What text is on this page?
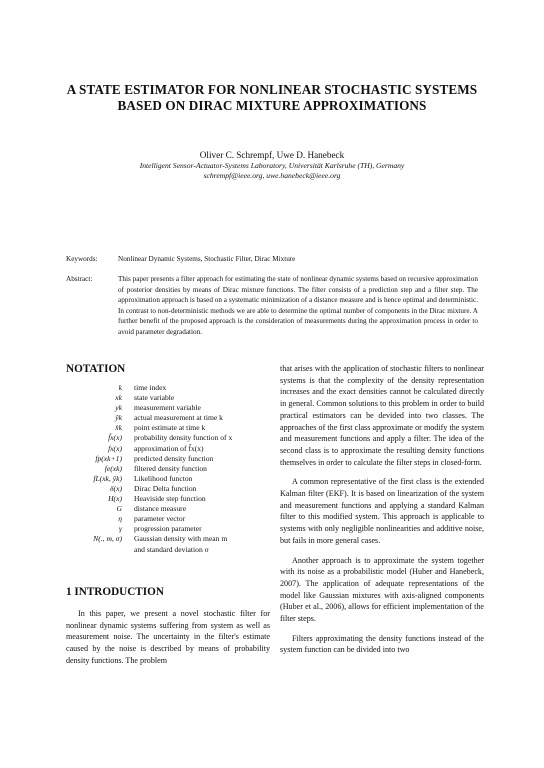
A STATE ESTIMATOR FOR NONLINEAR STOCHASTIC SYSTEMS
BASED ON DIRAC MIXTURE APPROXIMATIONS
Oliver C. Schrempf, Uwe D. Hanebeck
Intelligent Sensor-Actuator-Systems Laboratory, Universität Karlsruhe (TH), Germany
schrempf@ieee.org, uwe.hanebeck@ieee.org
Keywords:	Nonlinear Dynamic Systems, Stochastic Filter, Dirac Mixture
Abstract:	This paper presents a filter approach for estimating the state of nonlinear dynamic systems based on recursive approximation of posterior densities by means of Dirac mixture functions. The filter consists of a prediction step and a filter step. The approximation approach is based on a systematic minimization of a distance measure and is hence optimal and deterministic. In contrast to non-deterministic methods we are able to determine the optimal number of components in the Dirac mixture. A further benefit of the proposed approach is the consideration of measurements during the approximation process in order to avoid parameter degradation.
NOTATION
k	time index
xk	state variable
yk	measurement variable
ŷk	actual measurement at time k
x̂k	point estimate at time k
f̃x(x)	probability density function of x
fx(x)	approximation of f̃x(x)
fp(xk+1)	predicted density function
fe(xk)	filtered density function
fL(xk, ŷk)	Likelihood functon
δ(x)	Dirac Delta function
H(x)	Heaviside step function
G	distance measure
η	parameter vector
γ	progression parameter
N(., m, σ)	Gaussian density with mean m
and standard deviation σ
1 INTRODUCTION

In this paper, we present a novel stochastic filter for nonlinear dynamic systems suffering from system as well as measurement noise. The uncertainty in the filter's estimate caused by the noise is described by means of probability density functions. The problem

that arises with the application of stochastic filters to nonlinear systems is that the complexity of the density representation increases and the exact densities cannot be calculated directly in general. Common solutions to this problem in order to build practical estimators can be devided into two classes. The approaches of the first class approximate or modify the system and measurement functions and apply a filter. The idea of the second class is to approximate the resulting density functions themselves in order to calculate the filter steps in closed-form.

A common representative of the first class is the extended Kalman filter (EKF). It is based on linearization of the system and measurement functions and applying a standard Kalman filter to this modified system. This approach is applicable to systems with only negligible nonlinearities and additive noise, but fails in more general cases.

Another approach is to approximate the system together with its noise as a probabilistic model (Huber and Hanebeck, 2007). The application of adequate representations of the model like Gaussian mixtures with axis-aligned components (Huber et al., 2006), allows for efficient implementation of the filter steps.

Filters approximating the density functions instead of the system function can be divided into two
